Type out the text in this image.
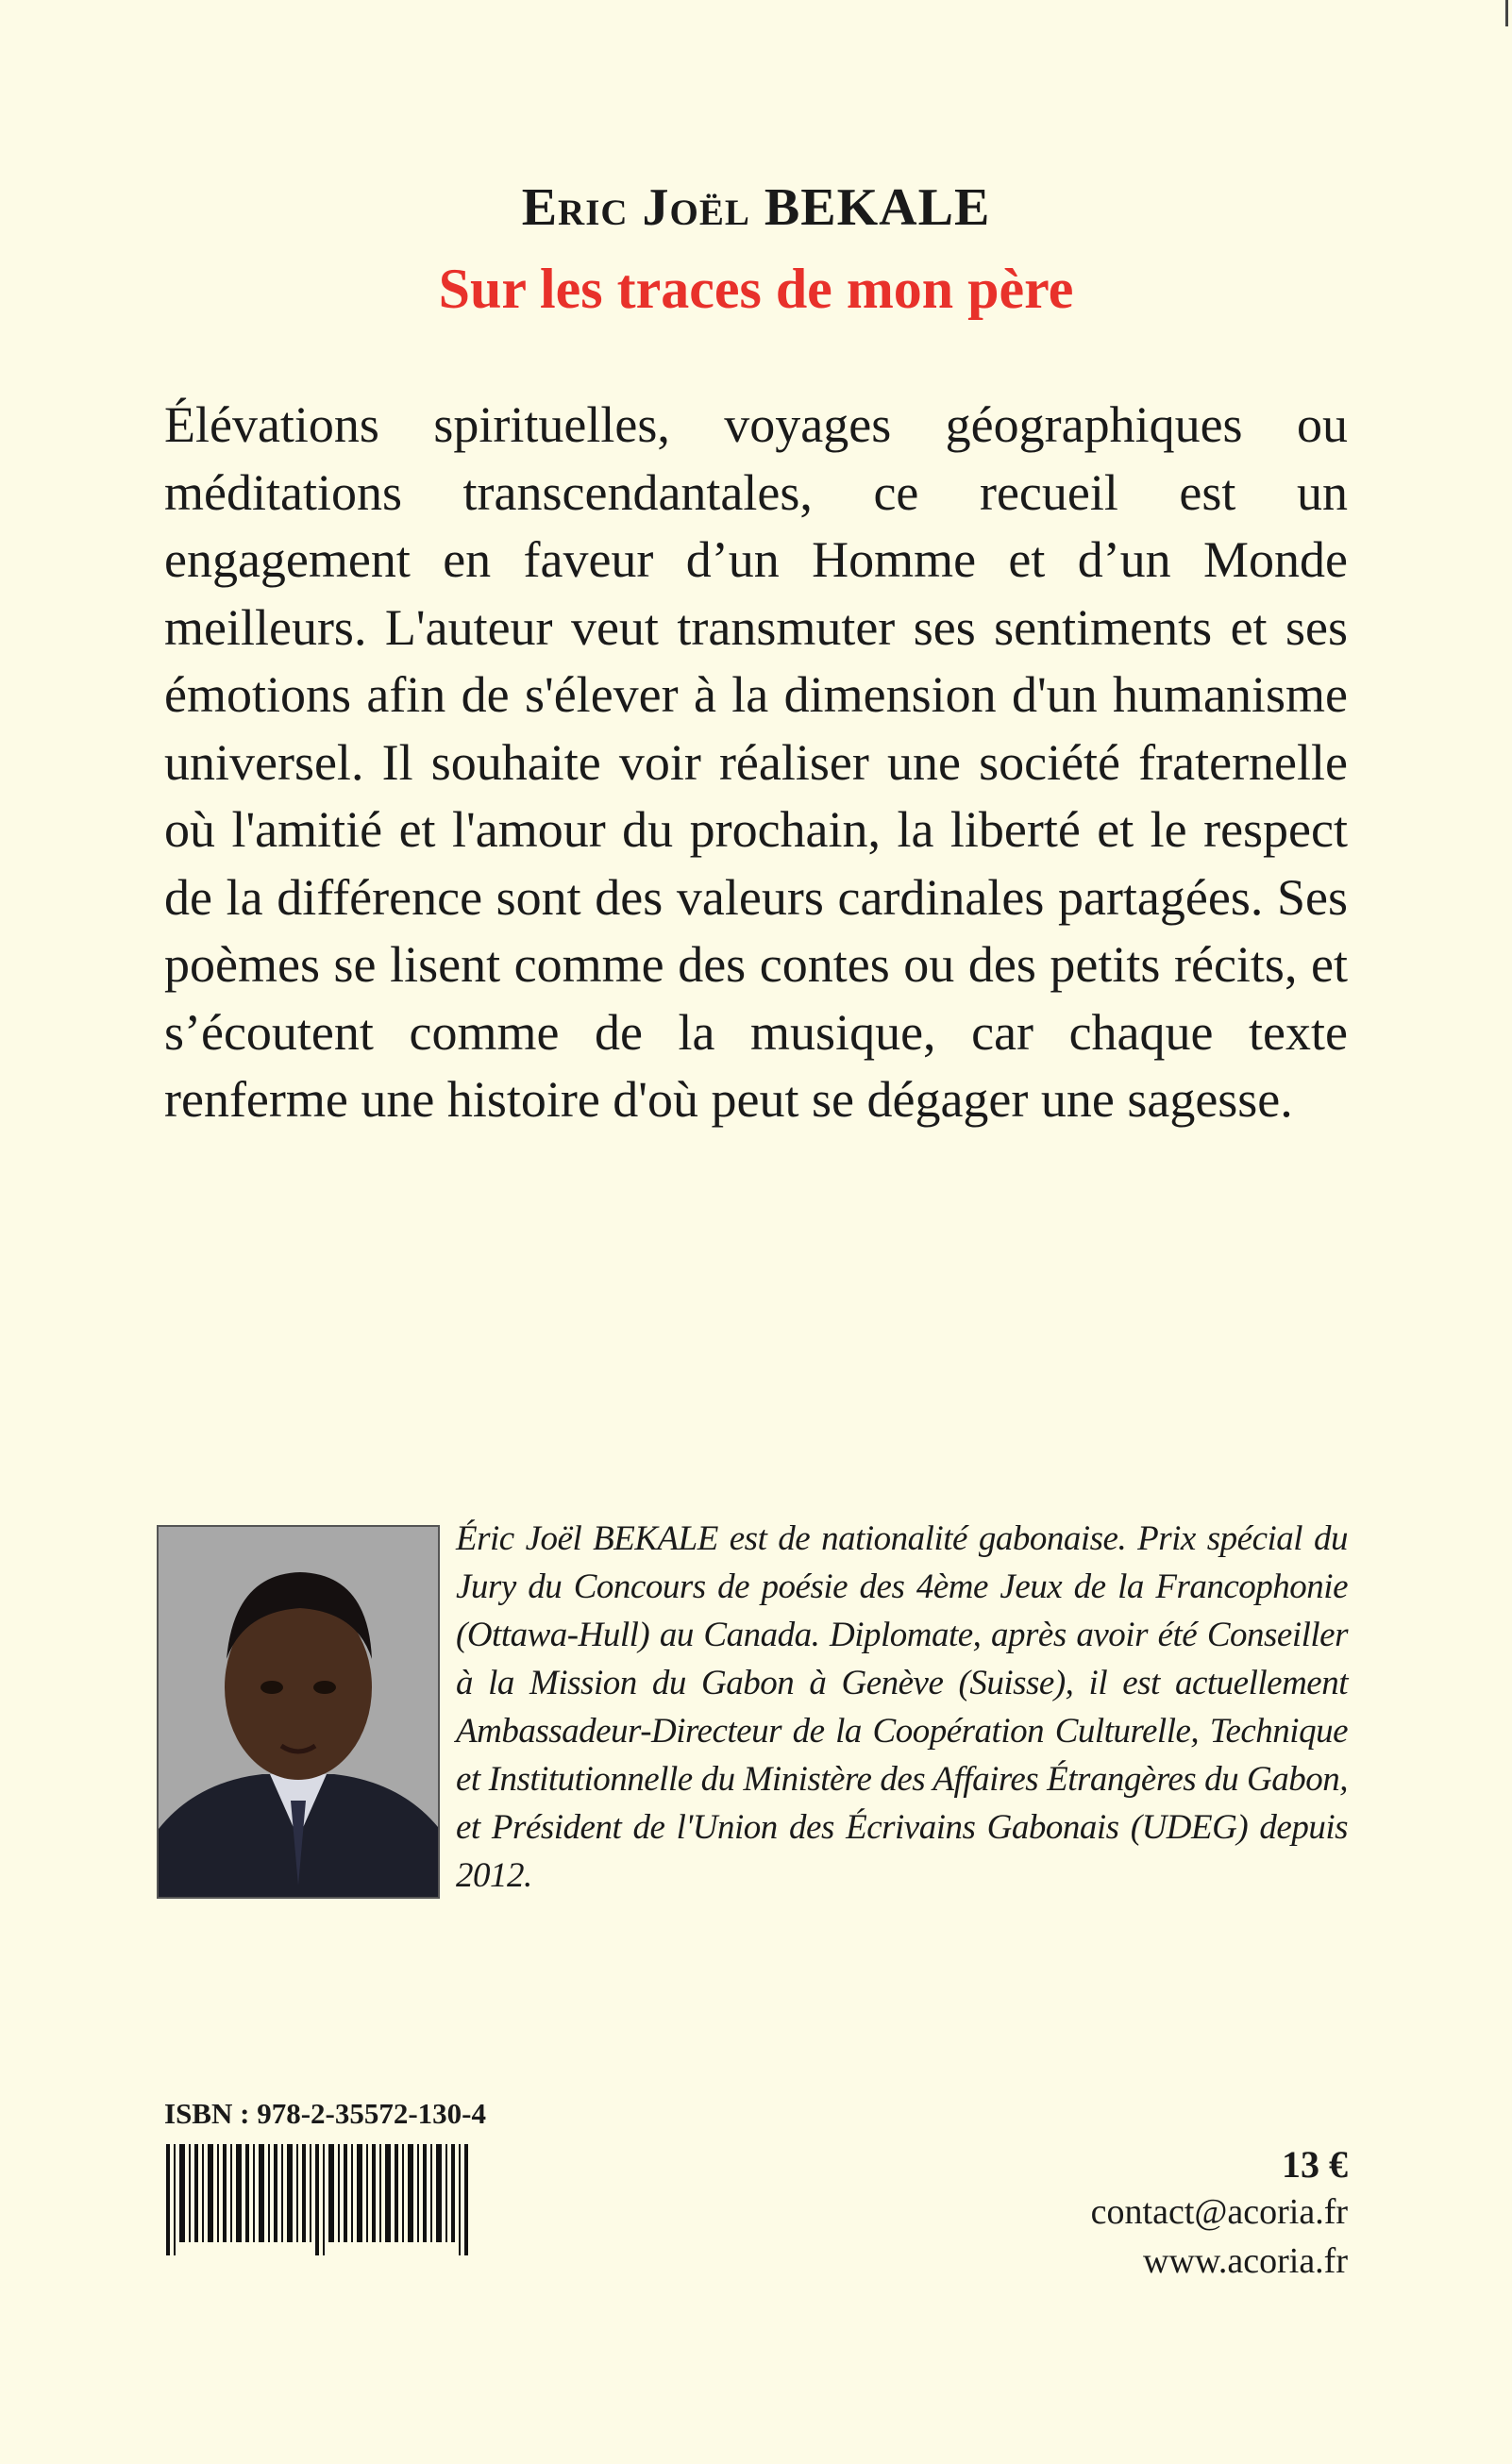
Eric Joël BEKALE
Sur les traces de mon père

Élévations spirituelles, voyages géographiques ou méditations transcendantales, ce recueil est un engagement en faveur d’un Homme et d’un Monde meilleurs. L'auteur veut transmuter ses sentiments et ses émotions afin de s'élever à la dimension d'un humanisme universel. Il souhaite voir réaliser une société fraternelle où l'amitié et l'amour du prochain, la liberté et le respect de la différence sont des valeurs cardinales partagées. Ses poèmes se lisent comme des contes ou des petits récits, et s’écoutent comme de la musique, car chaque texte renferme une histoire d'où peut se dégager une sagesse.

Éric Joël BEKALE est de nationalité gabonaise. Prix spécial du Jury du Concours de poésie des 4ème Jeux de la Francophonie (Ottawa-Hull) au Canada. Diplomate, après avoir été Conseiller à la Mission du Gabon à Genève (Suisse), il est actuellement Ambassadeur-Directeur de la Coopération Culturelle, Technique et Institutionnelle du Ministère des Affaires Étrangères du Gabon, et Président de l'Union des Écrivains Gabonais (UDEG) depuis 2012.

ISBN : 978-2-35572-130-4
13 €
contact@acoria.fr
www.acoria.fr
